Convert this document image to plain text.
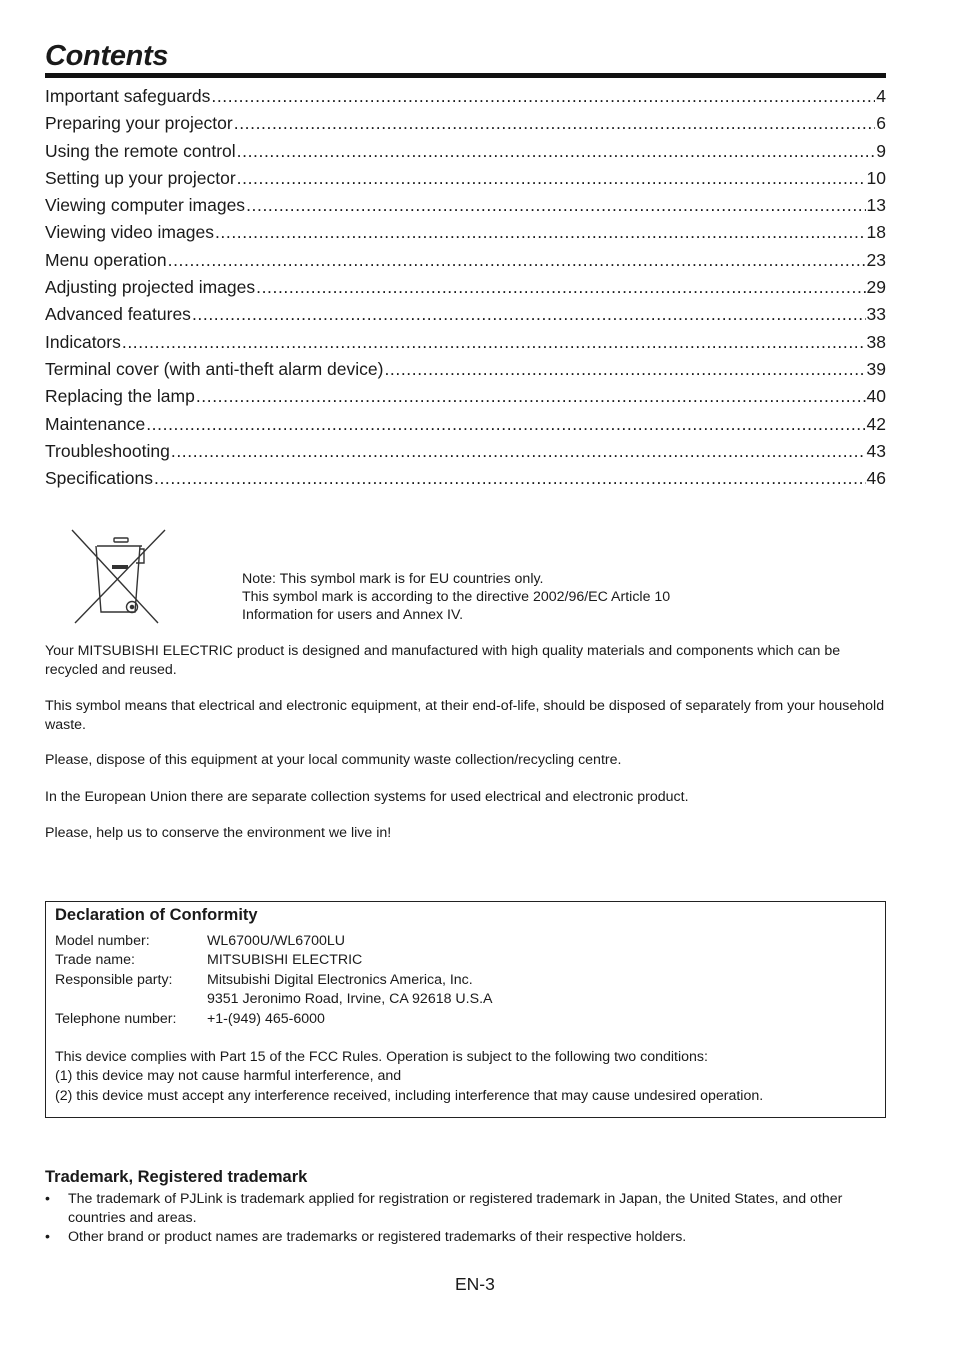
Contents
Important safeguards .....	4
Preparing your projector .....	6
Using the remote control .....	9
Setting up your projector .....	10
Viewing computer images .....	13
Viewing video images .....	18
Menu operation .....	23
Adjusting projected images .....	29
Advanced features .....	33
Indicators .....	38
Terminal cover (with anti-theft alarm device) .....	39
Replacing the lamp .....	40
Maintenance .....	42
Troubleshooting .....	43
Specifications .....	46
Note: This symbol mark is for EU countries only.
This symbol mark is according to the directive 2002/96/EC Article 10
Information for users and Annex IV.
Your MITSUBISHI ELECTRIC product is designed and manufactured with high quality materials and components which can be recycled and reused.
This symbol means that electrical and electronic equipment, at their end-of-life, should be disposed of separately from your household waste.
Please, dispose of this equipment at your local community waste collection/recycling centre.
In the European Union there are separate collection systems for used electrical and electronic product.
Please, help us to conserve the environment we live in!
Declaration of Conformity
Model number:	WL6700U/WL6700LU
Trade name:	MITSUBISHI ELECTRIC
Responsible party:	Mitsubishi Digital Electronics America, Inc.
9351 Jeronimo Road, Irvine, CA 92618 U.S.A
Telephone number:	+1-(949) 465-6000
This device complies with Part 15 of the FCC Rules. Operation is subject to the following two conditions:
(1) this device may not cause harmful interference, and
(2) this device must accept any interference received, including interference that may cause undesired operation.
Trademark, Registered trademark
•	The trademark of PJLink is trademark applied for registration or registered trademark in Japan, the United States, and other countries and areas.
•	Other brand or product names are trademarks or registered trademarks of their respective holders.
EN-3
